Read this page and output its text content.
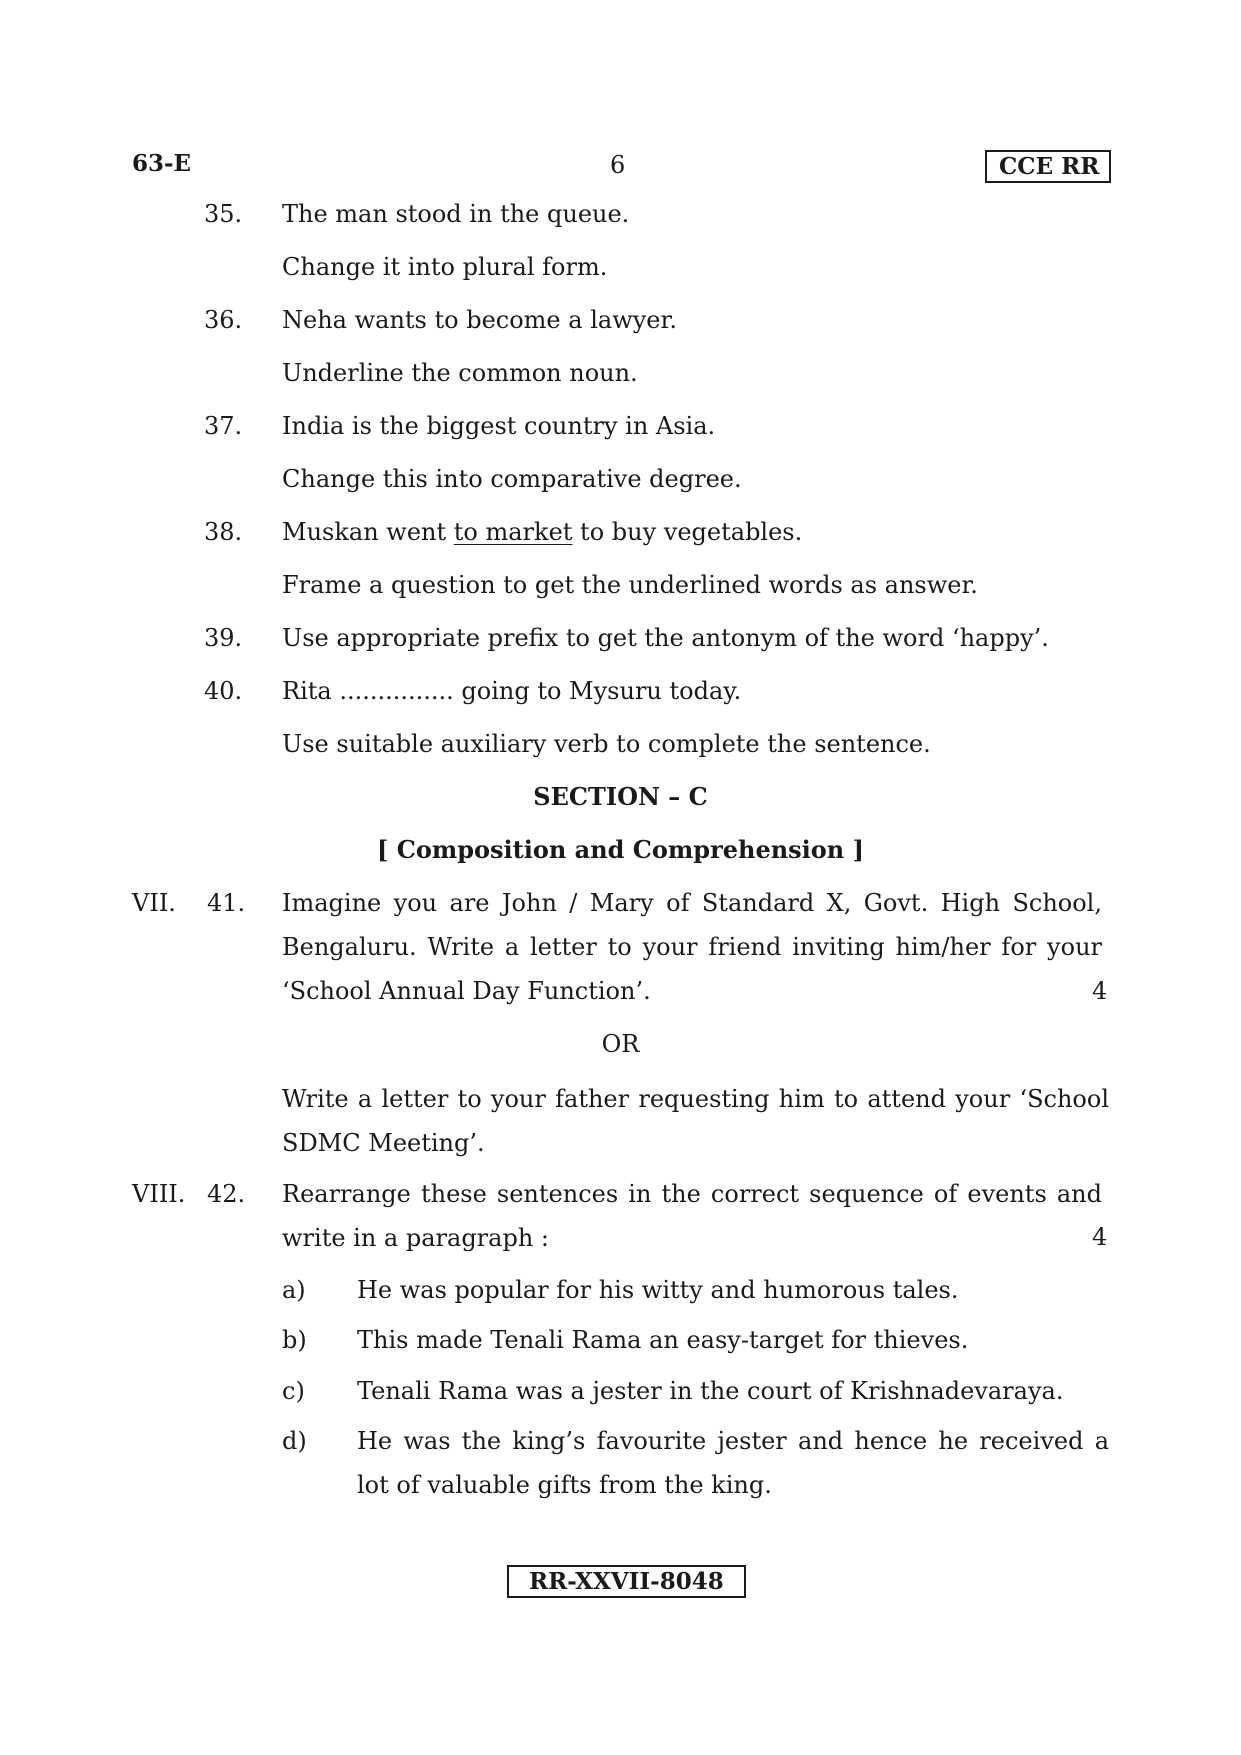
63-E	6	CCE RR
35. The man stood in the queue.
Change it into plural form.
36. Neha wants to become a lawyer.
Underline the common noun.
37. India is the biggest country in Asia.
Change this into comparative degree.
38. Muskan went to market to buy vegetables.
Frame a question to get the underlined words as answer.
39. Use appropriate prefix to get the antonym of the word ‘happy’.
40. Rita ............... going to Mysuru today.
Use suitable auxiliary verb to complete the sentence.
SECTION – C
[ Composition and Comprehension ]
VII. 41. Imagine you are John / Mary of Standard X, Govt. High School, Bengaluru. Write a letter to your friend inviting him/her for your ‘School Annual Day Function’.	4
OR
Write a letter to your father requesting him to attend your ‘School SDMC Meeting’.
VIII. 42. Rearrange these sentences in the correct sequence of events and write in a paragraph :	4
a) He was popular for his witty and humorous tales.
b) This made Tenali Rama an easy-target for thieves.
c) Tenali Rama was a jester in the court of Krishnadevaraya.
d) He was the king’s favourite jester and hence he received a lot of valuable gifts from the king.
RR-XXVII-8048
